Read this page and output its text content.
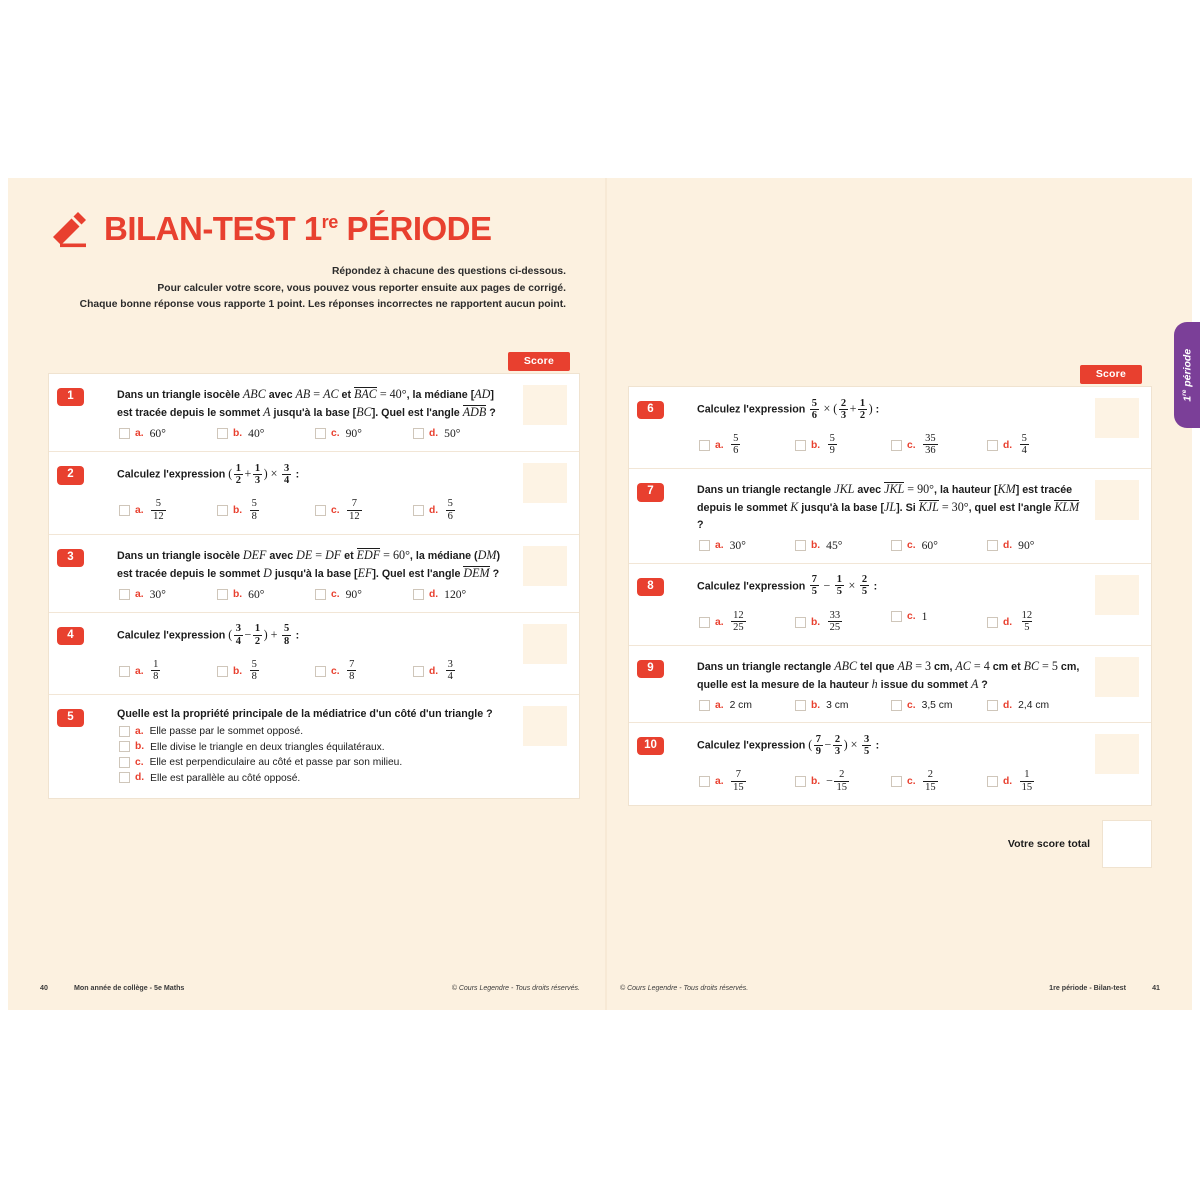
BILAN-TEST 1re PÉRIODE
Répondez à chacune des questions ci-dessous.
Pour calculer votre score, vous pouvez vous reporter ensuite aux pages de corrigé.
Chaque bonne réponse vous rapporte 1 point. Les réponses incorrectes ne rapportent aucun point.
Score
1	Dans un triangle isocèle ABC avec AB = AC et BAC = 40°, la médiane [AD] est tracée depuis le sommet A jusqu'à la base [BC]. Quel est l'angle ADB ?
a. 60°	b. 40°	c. 90°	d. 50°
2	Calculez l'expression ( $\frac{1}{2} + \frac{1}{3}$ ) × $\frac{3}{4}$ :
a. $\frac{5}{12}$	b. $\frac{5}{8}$	c. $\frac{7}{12}$	d. $\frac{5}{6}$
3	Dans un triangle isocèle DEF avec DE = DF et EDF = 60°, la médiane (DM) est tracée depuis le sommet D jusqu'à la base [EF]. Quel est l'angle DEM ?
a. 30°	b. 60°	c. 90°	d. 120°
4	Calculez l'expression ( $\frac{3}{4} - \frac{1}{2}$ ) + $\frac{5}{8}$ :
a. $\frac{1}{8}$	b. $\frac{5}{8}$	c. $\frac{7}{8}$	d. $\frac{3}{4}$
5	Quelle est la propriété principale de la médiatrice d'un côté d'un triangle ?
a. Elle passe par le sommet opposé.
b. Elle divise le triangle en deux triangles équilatéraux.
c. Elle est perpendiculaire au côté et passe par son milieu.
d. Elle est parallèle au côté opposé.
40	Mon année de collège - 5e Maths	© Cours Legendre - Tous droits réservés.
Score
6	Calculez l'expression $\frac{5}{6}$ × ( $\frac{2}{3} + \frac{1}{2}$ ) :
a. $\frac{5}{6}$	b. $\frac{5}{9}$	c. $\frac{35}{36}$	d. $\frac{5}{4}$
7	Dans un triangle rectangle JKL avec JKL = 90°, la hauteur [KM] est tracée depuis le sommet K jusqu'à la base [JL]. Si KJL = 30°, quel est l'angle KLM ?
a. 30°	b. 45°	c. 60°	d. 90°
8	Calculez l'expression $\frac{7}{5} - \frac{1}{5} \times \frac{2}{5}$ :
a. $\frac{12}{25}$	b. $\frac{33}{25}$	c. 1	d. $\frac{12}{5}$
9	Dans un triangle rectangle ABC tel que AB = 3 cm, AC = 4 cm et BC = 5 cm, quelle est la mesure de la hauteur h issue du sommet A ?
a. 2 cm	b. 3 cm	c. 3,5 cm	d. 2,4 cm
10	Calculez l'expression ( $\frac{7}{9} - \frac{2}{3}$ ) × $\frac{3}{5}$ :
a. $\frac{7}{15}$	b. − $\frac{2}{15}$	c. $\frac{2}{15}$	d. $\frac{1}{15}$
Votre score total
© Cours Legendre - Tous droits réservés.	1re période - Bilan-test	41
1re période
